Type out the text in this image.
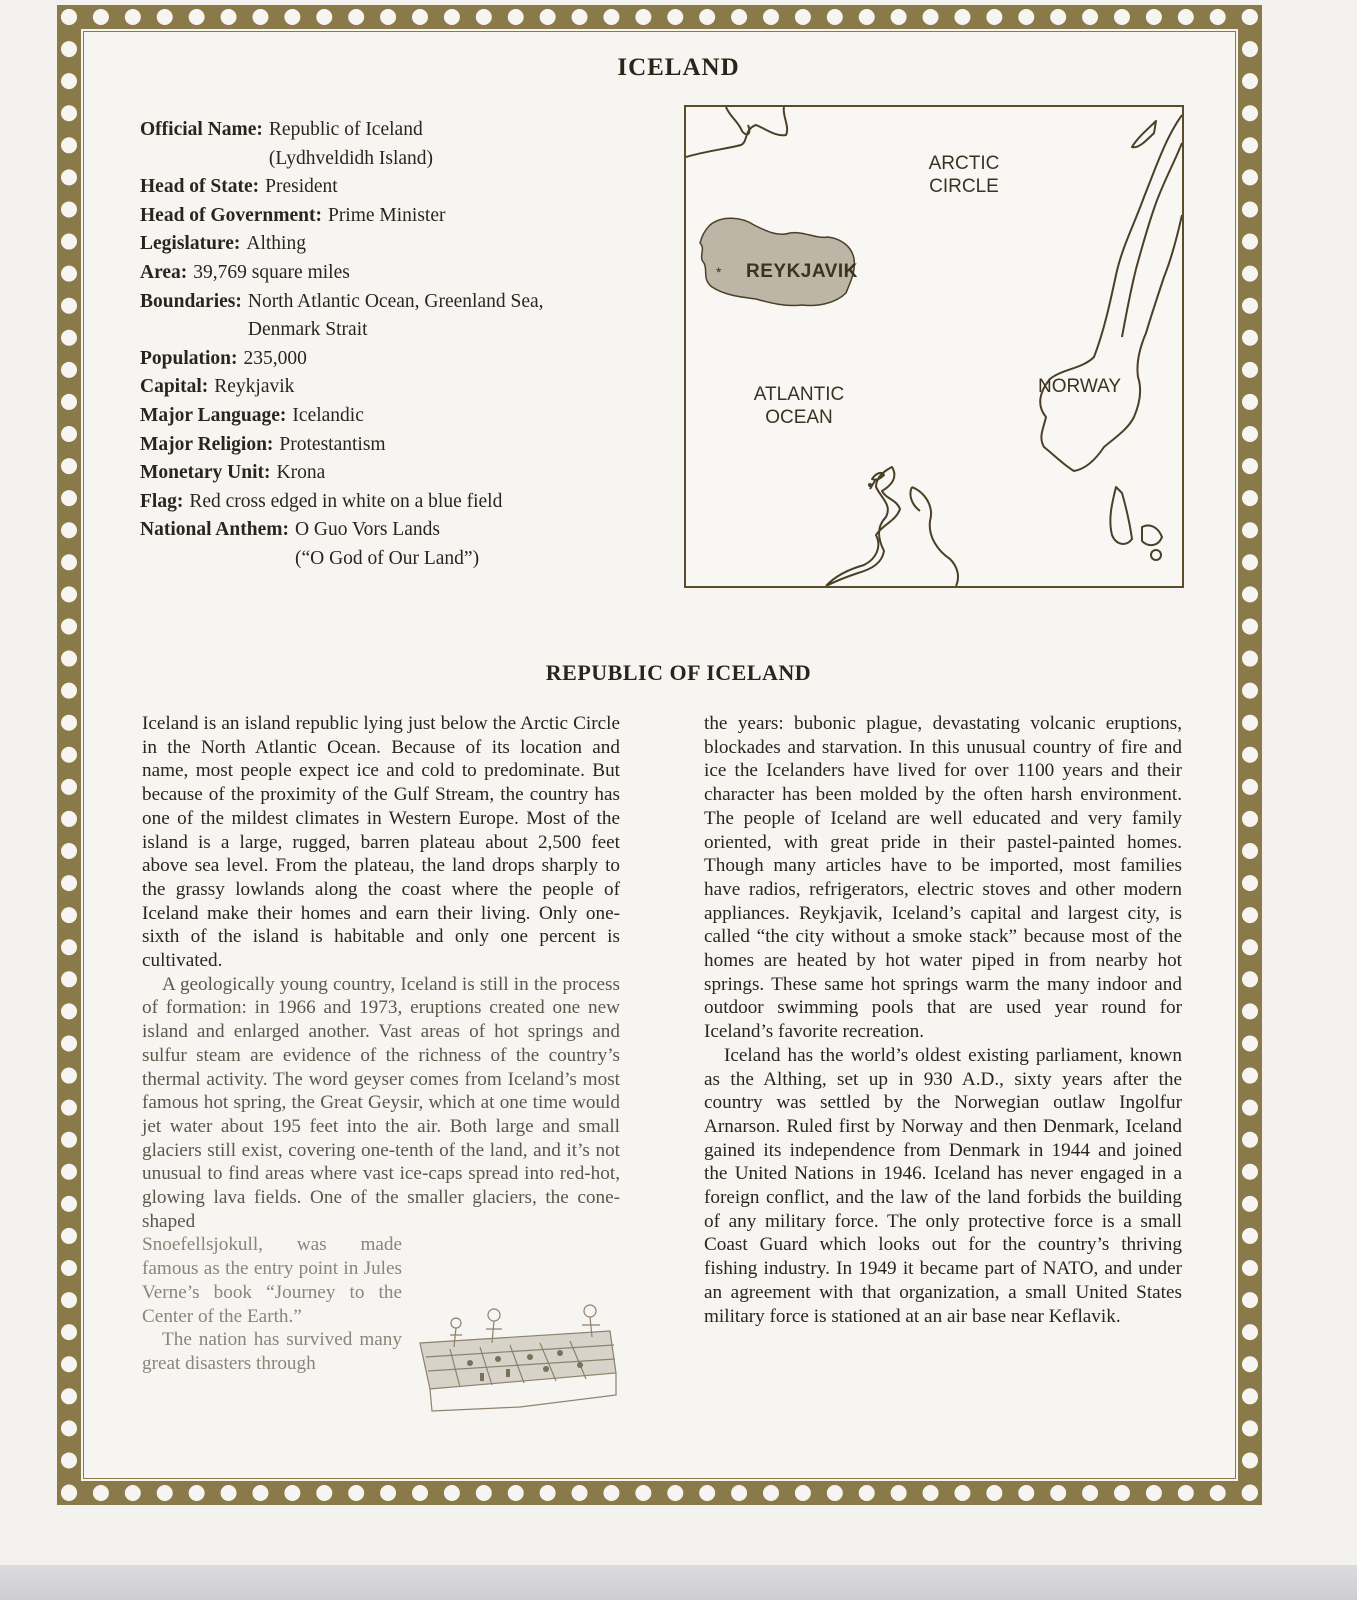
ICELAND
Official Name: Republic of Iceland
(Lydhveldidh Island)
Head of State: President
Head of Government: Prime Minister
Legislature: Althing
Area: 39,769 square miles
Boundaries: North Atlantic Ocean, Greenland Sea,
Denmark Strait
Population: 235,000
Capital: Reykjavik
Major Language: Icelandic
Major Religion: Protestantism
Monetary Unit: Krona
Flag: Red cross edged in white on a blue field
National Anthem: O Guo Vors Lands
(“O God of Our Land”)
*
ARCTIC CIRCLE
REYKJAVIK
ATLANTIC OCEAN
NORWAY
REPUBLIC OF ICELAND

Iceland is an island republic lying just below the Arctic Circle in the North Atlantic Ocean. Because of its location and name, most people expect ice and cold to predominate. But because of the proximity of the Gulf Stream, the country has one of the mildest climates in Western Europe. Most of the island is a large, rugged, barren plateau about 2,500 feet above sea level. From the plateau, the land drops sharply to the grassy lowlands along the coast where the people of Iceland make their homes and earn their living. Only one-sixth of the island is habitable and only one percent is cultivated.

A geologically young country, Iceland is still in the process of formation: in 1966 and 1973, eruptions created one new island and enlarged another. Vast areas of hot springs and sulfur steam are evidence of the richness of the country’s thermal activity. The word geyser comes from Iceland’s most famous hot spring, the Great Geysir, which at one time would jet water about 195 feet into the air. Both large and small glaciers still exist, covering one-tenth of the land, and it’s not unusual to find areas where vast ice-caps spread into red-hot, glowing lava fields. One of the smaller glaciers, the cone-shaped

Snoefellsjokull, was made famous as the entry point in Jules Verne’s book “Journey to the Center of the Earth.”

The nation has survived many great disasters through

the years: bubonic plague, devastating volcanic eruptions, blockades and starvation. In this unusual country of fire and ice the Icelanders have lived for over 1100 years and their character has been molded by the often harsh environment. The people of Iceland are well educated and very family oriented, with great pride in their pastel-painted homes. Though many articles have to be imported, most families have radios, refrigerators, electric stoves and other modern appliances. Reykjavik, Iceland’s capital and largest city, is called “the city without a smoke stack” because most of the homes are heated by hot water piped in from nearby hot springs. These same hot springs warm the many indoor and outdoor swimming pools that are used year round for Iceland’s favorite recreation.

Iceland has the world’s oldest existing parliament, known as the Althing, set up in 930 A.D., sixty years after the country was settled by the Norwegian outlaw Ingolfur Arnarson. Ruled first by Norway and then Denmark, Iceland gained its independence from Denmark in 1944 and joined the United Nations in 1946. Iceland has never engaged in a foreign conflict, and the law of the land forbids the building of any military force. The only protective force is a small Coast Guard which looks out for the country’s thriving fishing industry. In 1949 it became part of NATO, and under an agreement with that organization, a small United States military force is stationed at an air base near Keflavik.
